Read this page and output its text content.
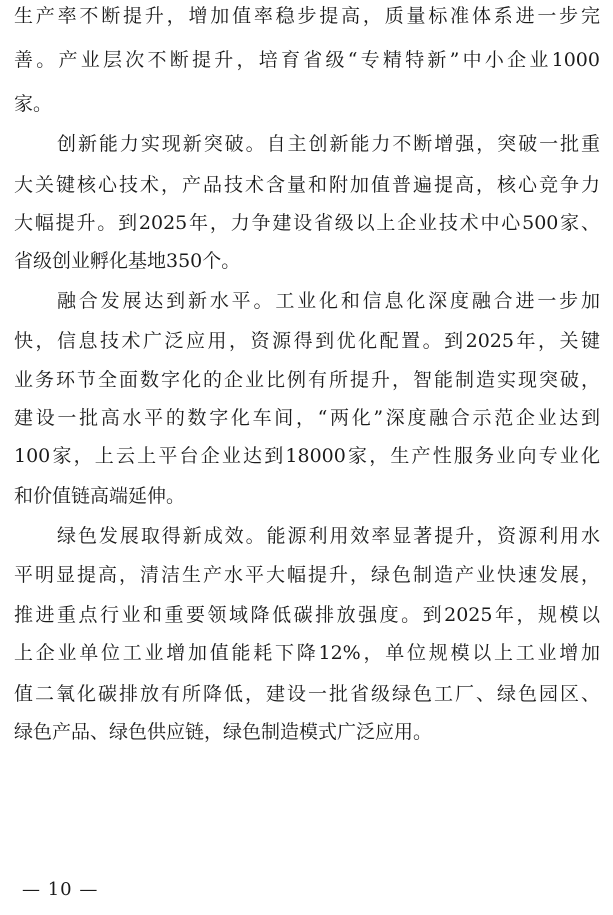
生产率不断提升，增加值率稳步提高，质量标准体系进一步完
善。产业层次不断提升，培育省级“专精特新”中小企业1000
家。
创新能力实现新突破。自主创新能力不断增强，突破一批重
大关键核心技术，产品技术含量和附加值普遍提高，核心竞争力
大幅提升。到2025年，力争建设省级以上企业技术中心500家、
省级创业孵化基地350个。
融合发展达到新水平。工业化和信息化深度融合进一步加
快，信息技术广泛应用，资源得到优化配置。到2025年，关键
业务环节全面数字化的企业比例有所提升，智能制造实现突破，
建设一批高水平的数字化车间，“两化”深度融合示范企业达到
100家，上云上平台企业达到18000家，生产性服务业向专业化
和价值链高端延伸。
绿色发展取得新成效。能源利用效率显著提升，资源利用水
平明显提高，清洁生产水平大幅提升，绿色制造产业快速发展，
推进重点行业和重要领域降低碳排放强度。到2025年，规模以
上企业单位工业增加值能耗下降12%，单位规模以上工业增加
值二氧化碳排放有所降低，建设一批省级绿色工厂、绿色园区、
绿色产品、绿色供应链，绿色制造模式广泛应用。
— 10 —
